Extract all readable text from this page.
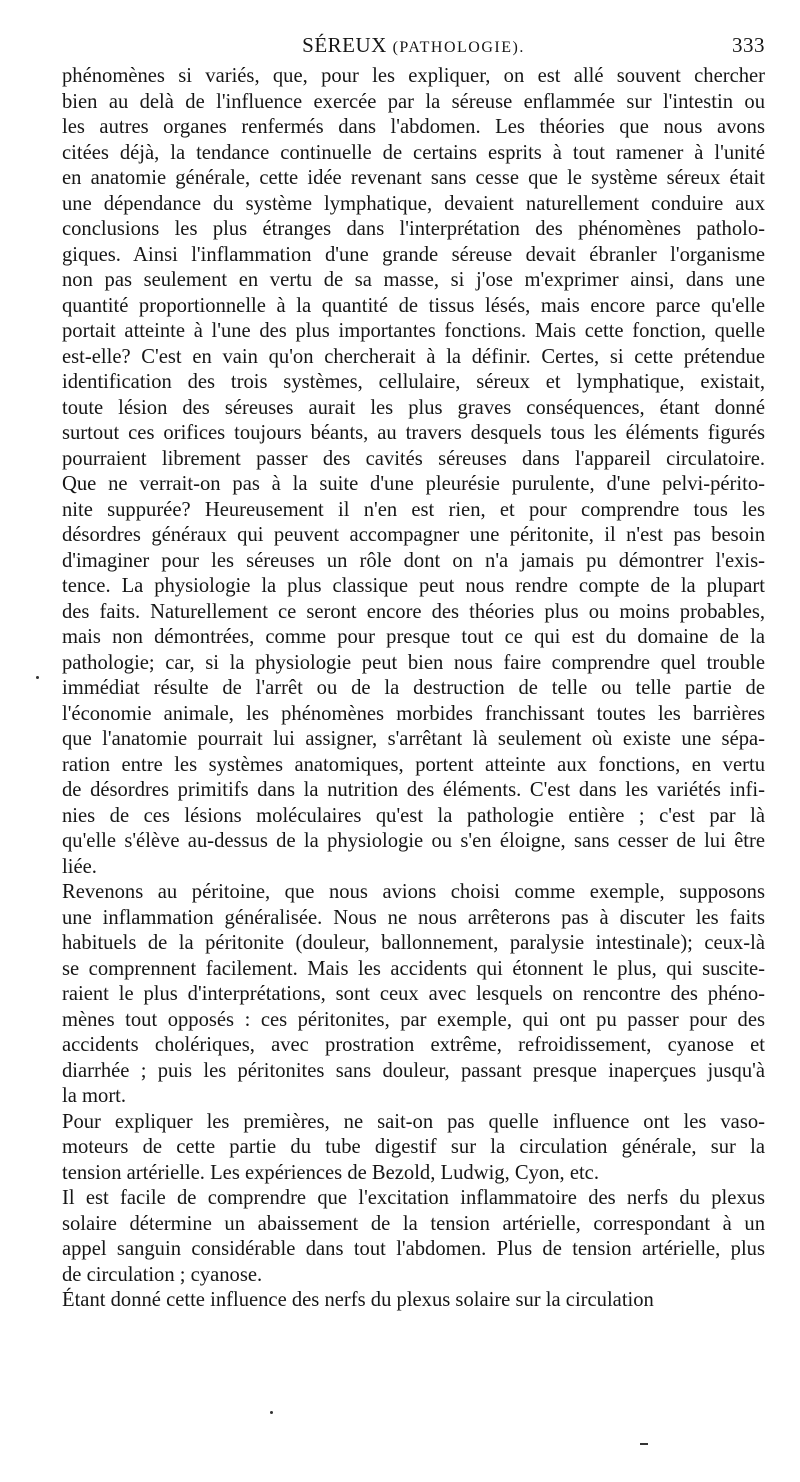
SÉREUX (PATHOLOGIE).	333
phénomènes si variés, que, pour les expliquer, on est allé souvent chercher
bien au delà de l'influence exercée par la séreuse enflammée sur l'intestin ou
les autres organes renfermés dans l'abdomen. Les théories que nous avons
citées déjà, la tendance continuelle de certains esprits à tout ramener à l'unité
en anatomie générale, cette idée revenant sans cesse que le système séreux était
une dépendance du système lymphatique, devaient naturellement conduire aux
conclusions les plus étranges dans l'interprétation des phénomènes patholo-
giques. Ainsi l'inflammation d'une grande séreuse devait ébranler l'organisme
non pas seulement en vertu de sa masse, si j'ose m'exprimer ainsi, dans une
quantité proportionnelle à la quantité de tissus lésés, mais encore parce qu'elle
portait atteinte à l'une des plus importantes fonctions. Mais cette fonction, quelle
est-elle? C'est en vain qu'on chercherait à la définir. Certes, si cette prétendue
identification des trois systèmes, cellulaire, séreux et lymphatique, existait,
toute lésion des séreuses aurait les plus graves conséquences, étant donné
surtout ces orifices toujours béants, au travers desquels tous les éléments figurés
pourraient librement passer des cavités séreuses dans l'appareil circulatoire.
Que ne verrait-on pas à la suite d'une pleurésie purulente, d'une pelvi-périto-
nite suppurée? Heureusement il n'en est rien, et pour comprendre tous les
désordres généraux qui peuvent accompagner une péritonite, il n'est pas besoin
d'imaginer pour les séreuses un rôle dont on n'a jamais pu démontrer l'exis-
tence. La physiologie la plus classique peut nous rendre compte de la plupart
des faits. Naturellement ce seront encore des théories plus ou moins probables,
mais non démontrées, comme pour presque tout ce qui est du domaine de la
pathologie; car, si la physiologie peut bien nous faire comprendre quel trouble
immédiat résulte de l'arrêt ou de la destruction de telle ou telle partie de
l'économie animale, les phénomènes morbides franchissant toutes les barrières
que l'anatomie pourrait lui assigner, s'arrêtant là seulement où existe une sépa-
ration entre les systèmes anatomiques, portent atteinte aux fonctions, en vertu
de désordres primitifs dans la nutrition des éléments. C'est dans les variétés infi-
nies de ces lésions moléculaires qu'est la pathologie entière ; c'est par là
qu'elle s'élève au-dessus de la physiologie ou s'en éloigne, sans cesser de lui être
liée.
Revenons au péritoine, que nous avions choisi comme exemple, supposons
une inflammation généralisée. Nous ne nous arrêterons pas à discuter les faits
habituels de la péritonite (douleur, ballonnement, paralysie intestinale); ceux-là
se comprennent facilement. Mais les accidents qui étonnent le plus, qui suscite-
raient le plus d'interprétations, sont ceux avec lesquels on rencontre des phéno-
mènes tout opposés : ces péritonites, par exemple, qui ont pu passer pour des
accidents cholériques, avec prostration extrême, refroidissement, cyanose et
diarrhée ; puis les péritonites sans douleur, passant presque inaperçues jusqu'à
la mort.
Pour expliquer les premières, ne sait-on pas quelle influence ont les vaso-
moteurs de cette partie du tube digestif sur la circulation générale, sur la
tension artérielle. Les expériences de Bezold, Ludwig, Cyon, etc.
Il est facile de comprendre que l'excitation inflammatoire des nerfs du plexus
solaire détermine un abaissement de la tension artérielle, correspondant à un
appel sanguin considérable dans tout l'abdomen. Plus de tension artérielle, plus
de circulation ; cyanose.
Étant donné cette influence des nerfs du plexus solaire sur la circulation
